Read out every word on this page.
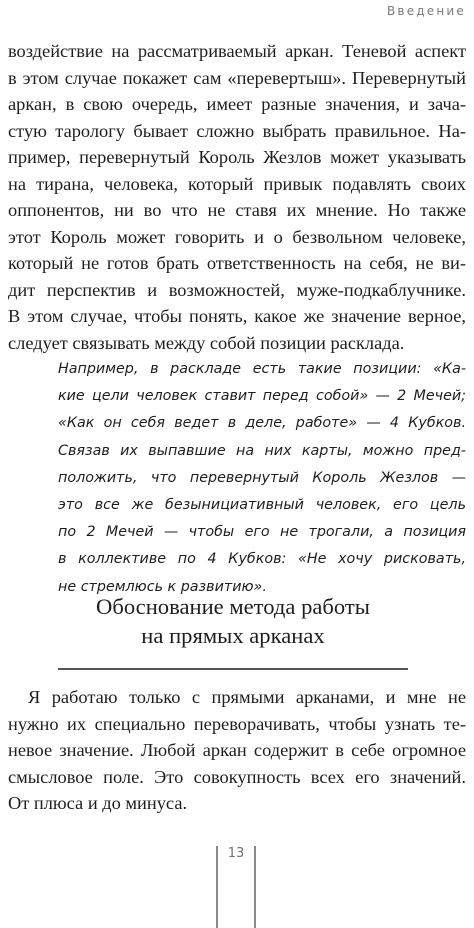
Введение
воздействие на рассматриваемый аркан. Теневой аспект
в этом случае покажет сам «перевертыш». Перевернутый
аркан, в свою очередь, имеет разные значения, и зача-
стую тарологу бывает сложно выбрать правильное. На-
пример, перевернутый Король Жезлов может указывать
на тирана, человека, который привык подавлять своих
оппонентов, ни во что не ставя их мнение. Но также
этот Король может говорить и о безвольном человеке,
который не готов брать ответственность на себя, не ви-
дит перспектив и возможностей, муже-подкаблучнике.
В этом случае, чтобы понять, какое же значение верное,
следует связывать между собой позиции расклада.
Например, в раскладе есть такие позиции: «Ка-
кие цели человек ставит перед собой» — 2 Мечей;
«Как он себя ведет в деле, работе» — 4 Кубков.
Связав их выпавшие на них карты, можно пред-
положить, что перевернутый Король Жезлов —
это все же безынициативный человек, его цель
по 2 Мечей — чтобы его не трогали, а позиция
в коллективе по 4 Кубков: «Не хочу рисковать,
не стремлюсь к развитию».
Обоснование метода работы
на прямых арканах
Я работаю только с прямыми арканами, и мне не
нужно их специально переворачивать, чтобы узнать те-
невое значение. Любой аркан содержит в себе огромное
смысловое поле. Это совокупность всех его значений.
От плюса и до минуса.
13
